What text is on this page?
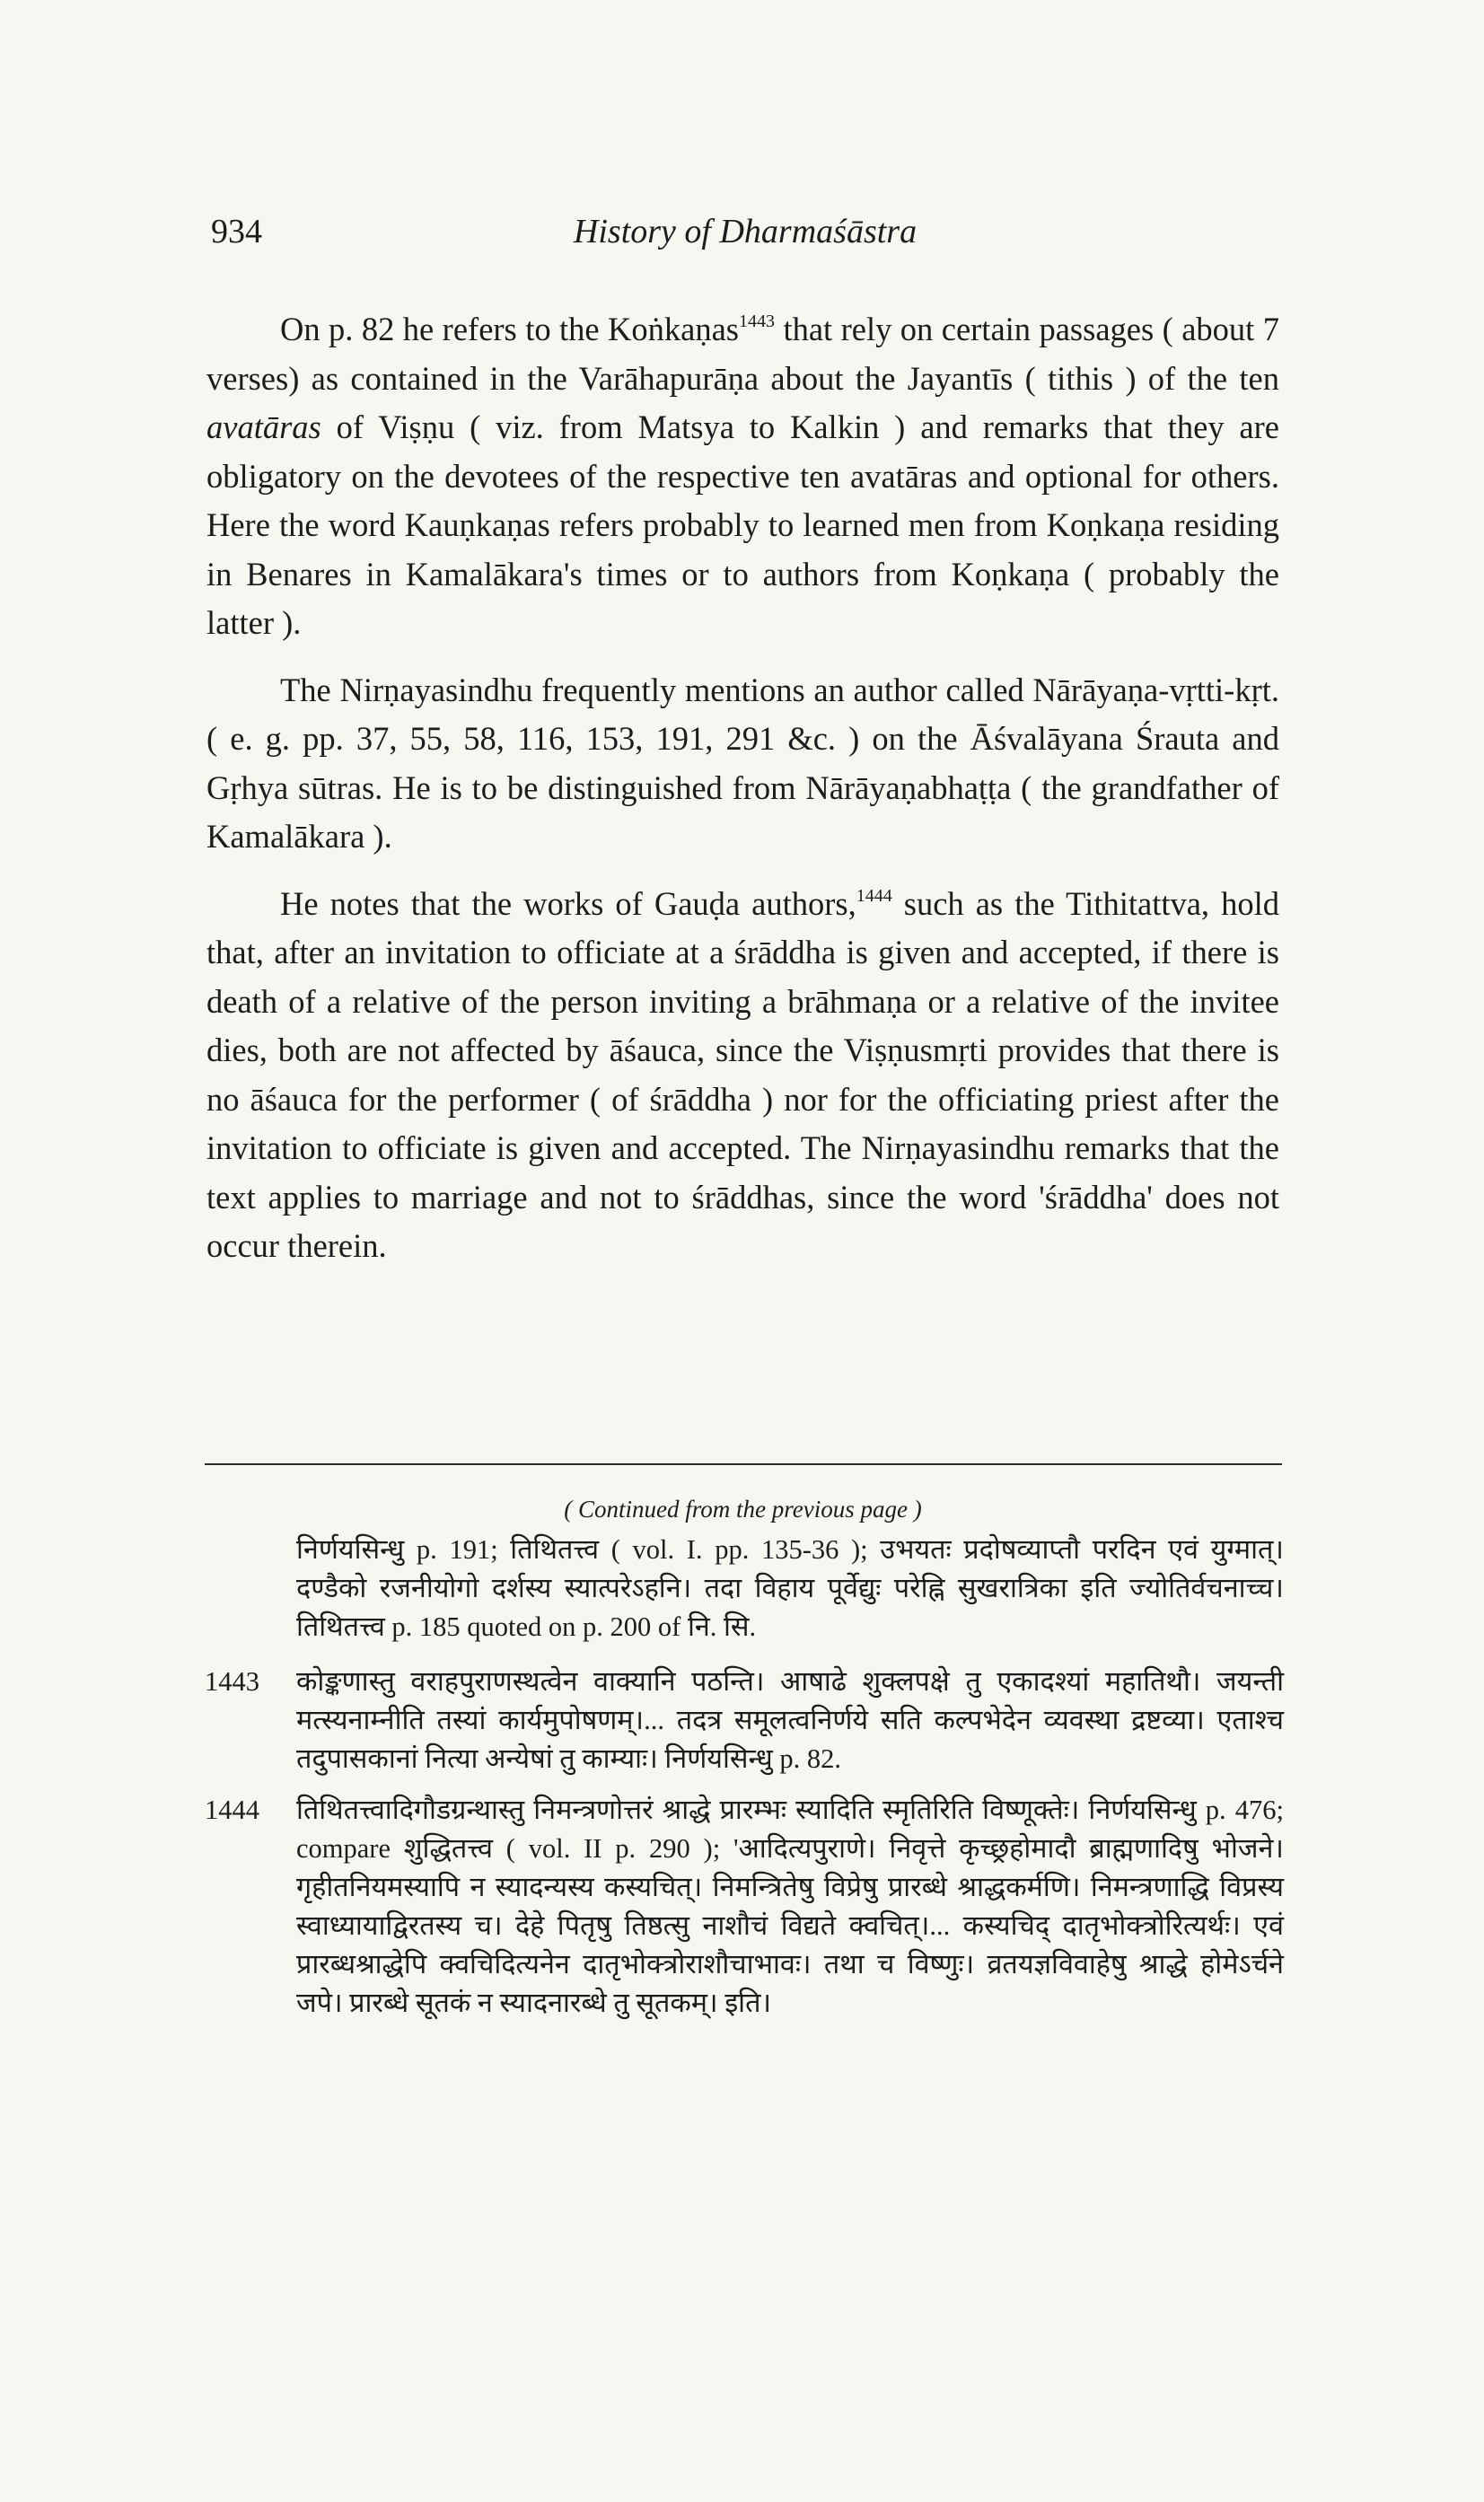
934	History of Dharmaśāstra

On p. 82 he refers to the Koṅkaṇas$^{1443}$ that rely on certain passages ( about 7 verses) as contained in the Varāhapurāṇa about the Jayantīs ( tithis ) of the ten avatāras of Viṣṇu ( viz. from Matsya to Kalkin ) and remarks that they are obligatory on the devotees of the respective ten avatāras and optional for others. Here the word Kauṇkaṇas refers probably to learned men from Koṇkaṇa residing in Benares in Kamalākara's times or to authors from Koṇkaṇa ( probably the latter ).

The Nirṇayasindhu frequently mentions an author called Nārāyaṇa-vṛtti-kṛt. ( e. g. pp. 37, 55, 58, 116, 153, 191, 291 &c. ) on the Āśvalāyana Śrauta and Gṛhya sūtras. He is to be distinguished from Nārāyaṇabhaṭṭa ( the grandfather of Kamalākara ).

He notes that the works of Gauḍa authors,$^{1444}$ such as the Tithitattva, hold that, after an invitation to officiate at a śrāddha is given and accepted, if there is death of a relative of the person inviting a brāhmaṇa or a relative of the invitee dies, both are not affected by āśauca, since the Viṣṇusmṛti provides that there is no āśauca for the performer ( of śrāddha ) nor for the officiating priest after the invitation to officiate is given and accepted. The Nirṇayasindhu remarks that the text applies to marriage and not to śrāddhas, since the word 'śrāddha' does not occur therein.

( Continued from the previous page )
निर्णयसिन्धु p. 191; तिथितत्त्व ( vol. I. pp. 135-36 ); उभयतः प्रदोषव्याप्तौ परदिन एवं युग्मात्। दण्डैको रजनीयोगो दर्शस्य स्यात्परेऽहनि। तदा विहाय पूर्वेद्युः परेह्नि सुखरात्रिका इति ज्योतिर्वचनाच्च। तिथितत्त्व p. 185 quoted on p. 200 of नि. सि.
1443 कोङ्कणास्तु वराहपुराणस्थत्वेन वाक्यानि पठन्ति। आषाढे शुक्लपक्षे तु एकादश्यां महातिथौ। जयन्ती मत्स्यनाम्नीति तस्यां कार्यमुपोषणम्।... तदत्र समूलत्वनिर्णये सति कल्पभेदेन व्यवस्था द्रष्टव्या। एताश्च तदुपासकानां नित्या अन्येषां तु काम्याः। निर्णयसिन्धु p. 82.
1444 तिथितत्त्वादिगौडग्रन्थास्तु निमन्त्रणोत्तरं श्राद्धे प्रारम्भः स्यादिति स्मृतिरिति विष्णूक्तेः। निर्णयसिन्धु p. 476; compare शुद्धितत्त्व ( vol. II p. 290 ); 'आदित्यपुराणे। निवृत्ते कृच्छ्रहोमादौ ब्राह्मणादिषु भोजने। गृहीतनियमस्यापि न स्यादन्यस्य कस्यचित्। निमन्त्रितेषु विप्रेषु प्रारब्धे श्राद्धकर्मणि। निमन्त्रणाद्धि विप्रस्य स्वाध्यायाद्विरतस्य च। देहे पितृषु तिष्ठत्सु नाशौचं विद्यते क्वचित्।... कस्यचिद् दातृभोक्त्रोरित्यर्थः। एवं प्रारब्धश्राद्धेपि क्वचिदित्यनेन दातृभोक्त्रोराशौचाभावः। तथा च विष्णुः। व्रतयज्ञविवाहेषु श्राद्धे होमेऽर्चने जपे। प्रारब्धे सूतकं न स्यादनारब्धे तु सूतकम्। इति।
